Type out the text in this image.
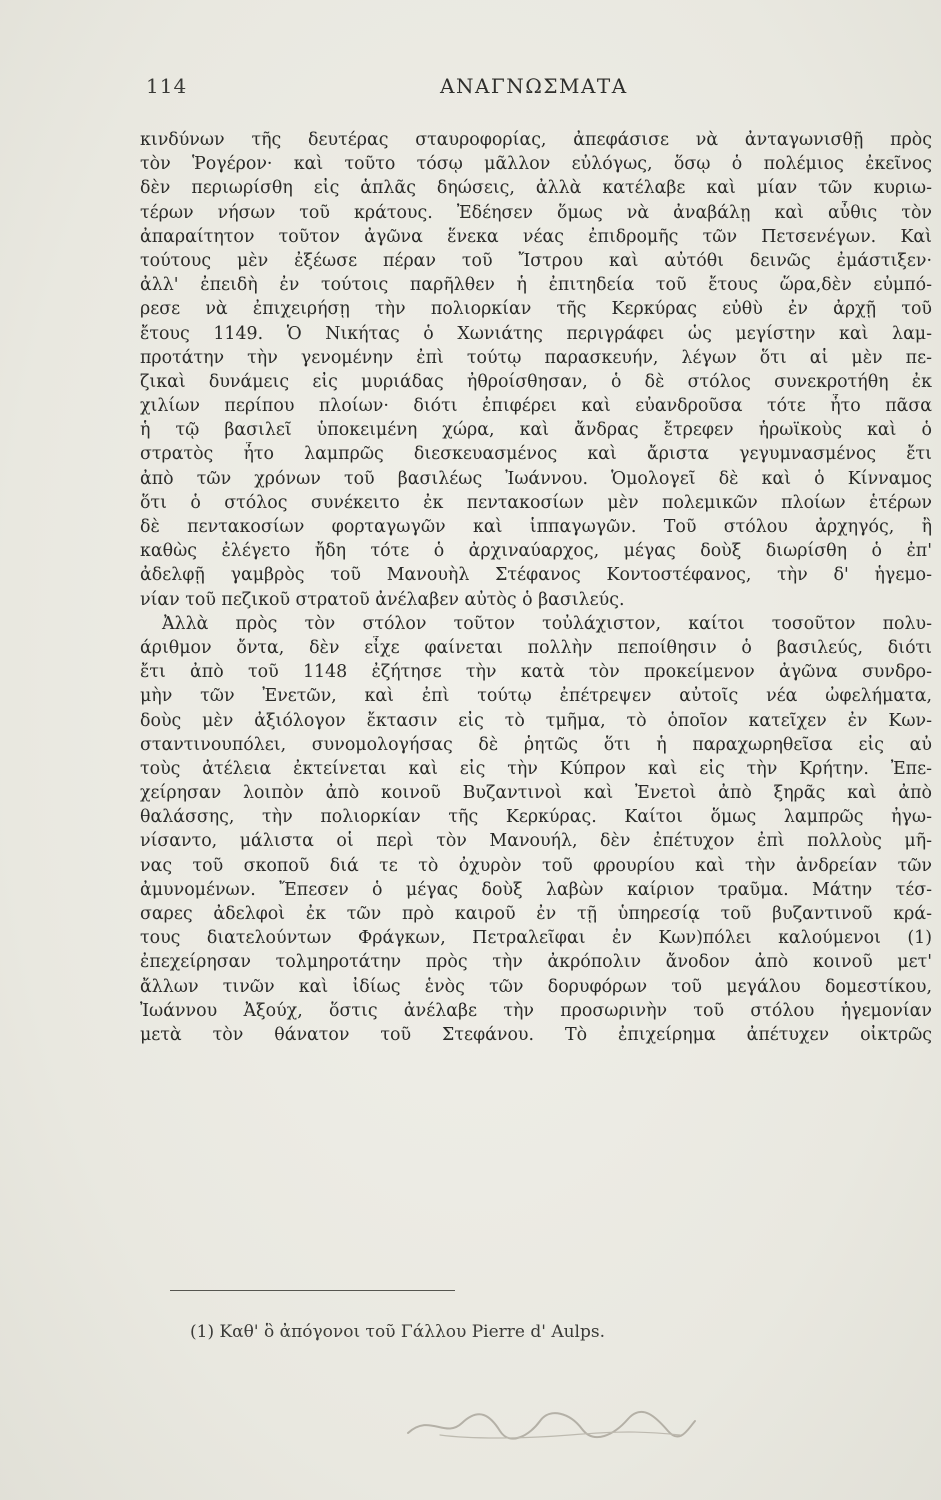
114	ΑΝΑΓΝΩΣΜΑΤΑ
κινδύνων τῆς δευτέρας σταυροφορίας, ἀπεφάσισε νὰ ἀνταγωνισθῇ πρὸς
τὸν Ῥογέρον· καὶ τοῦτο τόσῳ μᾶλλον εὐλόγως, ὅσῳ ὁ πολέμιος ἐκεῖνος
δὲν περιωρίσθη εἰς ἁπλᾶς δηώσεις, ἀλλὰ κατέλαβε καὶ μίαν τῶν κυριω-
τέρων νήσων τοῦ κράτους. Ἐδέησεν ὅμως νὰ ἀναβάλῃ καὶ αὖθις τὸν
ἀπαραίτητον τοῦτον ἀγῶνα ἕνεκα νέας ἐπιδρομῆς τῶν Πετσενέγων. Καὶ
τούτους μὲν ἐξέωσε πέραν τοῦ Ἴστρου καὶ αὐτόθι δεινῶς ἐμάστιξεν·
ἀλλ' ἐπειδὴ ἐν τούτοις παρῆλθεν ἡ ἐπιτηδεία τοῦ ἔτους ὥρα,δὲν εὐμπό-
ρεσε νὰ ἐπιχειρήσῃ τὴν πολιορκίαν τῆς Κερκύρας εὐθὺ ἐν ἀρχῇ τοῦ
ἔτους 1149. Ὁ Νικήτας ὁ Χωνιάτης περιγράφει ὡς μεγίστην καὶ λαμ-
προτάτην τὴν γενομένην ἐπὶ τούτῳ παρασκευήν, λέγων ὅτι αἱ μὲν πε-
ζικαὶ δυνάμεις εἰς μυριάδας ἠθροίσθησαν, ὁ δὲ στόλος συνεκροτήθη ἐκ
χιλίων περίπου πλοίων· διότι ἐπιφέρει καὶ εὐανδροῦσα τότε ἦτο πᾶσα
ἡ τῷ βασιλεῖ ὑποκειμένη χώρα, καὶ ἄνδρας ἔτρεφεν ἡρωϊκοὺς καὶ ὁ
στρατὸς ἦτο λαμπρῶς διεσκευασμένος καὶ ἄριστα γεγυμνασμένος ἔτι
ἀπὸ τῶν χρόνων τοῦ βασιλέως Ἰωάννου. Ὁμολογεῖ δὲ καὶ ὁ Κίνναμος
ὅτι ὁ στόλος συνέκειτο ἐκ πεντακοσίων μὲν πολεμικῶν πλοίων ἑτέρων
δὲ πεντακοσίων φορταγωγῶν καὶ ἱππαγωγῶν. Τοῦ στόλου ἀρχηγός, ἢ
καθὼς ἐλέγετο ἤδη τότε ὁ ἀρχιναύαρχος, μέγας δοὺξ διωρίσθη ὁ ἐπ'
ἀδελφῇ γαμβρὸς τοῦ Μανουὴλ Στέφανος Κοντοστέφανος, τὴν δ' ἡγεμο-
νίαν τοῦ πεζικοῦ στρατοῦ ἀνέλαβεν αὐτὸς ὁ βασιλεύς.
Ἀλλὰ πρὸς τὸν στόλον τοῦτον τοὐλάχιστον, καίτοι τοσοῦτον πολυ-
άριθμον ὄντα, δὲν εἶχε φαίνεται πολλὴν πεποίθησιν ὁ βασιλεύς, διότι
ἔτι ἀπὸ τοῦ 1148 ἐζήτησε τὴν κατὰ τὸν προκείμενον ἀγῶνα συνδρο-
μὴν τῶν Ἐνετῶν, καὶ ἐπὶ τούτῳ ἐπέτρεψεν αὐτοῖς νέα ὠφελήματα,
δοὺς μὲν ἀξιόλογον ἔκτασιν εἰς τὸ τμῆμα, τὸ ὁποῖον κατεῖχεν ἐν Κων-
σταντινουπόλει, συνομολογήσας δὲ ῥητῶς ὅτι ἡ παραχωρηθεῖσα εἰς αὐ
τοὺς ἀτέλεια ἐκτείνεται καὶ εἰς τὴν Κύπρον καὶ εἰς τὴν Κρήτην. Ἐπε-
χείρησαν λοιπὸν ἀπὸ κοινοῦ Βυζαντινοὶ καὶ Ἐνετοὶ ἀπὸ ξηρᾶς καὶ ἀπὸ
θαλάσσης, τὴν πολιορκίαν τῆς Κερκύρας. Καίτοι ὅμως λαμπρῶς ἠγω-
νίσαντο, μάλιστα οἱ περὶ τὸν Μανουήλ, δὲν ἐπέτυχον ἐπὶ πολλοὺς μῆ-
νας τοῦ σκοποῦ διά τε τὸ ὀχυρὸν τοῦ φρουρίου καὶ τὴν ἀνδρείαν τῶν
ἀμυνομένων. Ἔπεσεν ὁ μέγας δοὺξ λαβὼν καίριον τραῦμα. Μάτην τέσ-
σαρες ἀδελφοὶ ἐκ τῶν πρὸ καιροῦ ἐν τῇ ὑπηρεσίᾳ τοῦ βυζαντινοῦ κρά-
τους διατελούντων Φράγκων, Πετραλεῖφαι ἐν Κων)πόλει καλούμενοι (1)
ἐπεχείρησαν τολμηροτάτην πρὸς τὴν ἀκρόπολιν ἄνοδον ἀπὸ κοινοῦ μετ'
ἄλλων τινῶν καὶ ἰδίως ἑνὸς τῶν δορυφόρων τοῦ μεγάλου δομεστίκου,
Ἰωάννου Ἀξούχ, ὅστις ἀνέλαβε τὴν προσωρινὴν τοῦ στόλου ἡγεμονίαν
μετὰ τὸν θάνατον τοῦ Στεφάνου. Τὸ ἐπιχείρημα ἀπέτυχεν οἰκτρῶς
(1) Καθ' ὃ ἀπόγονοι τοῦ Γάλλου Pierre d' Aulps.
